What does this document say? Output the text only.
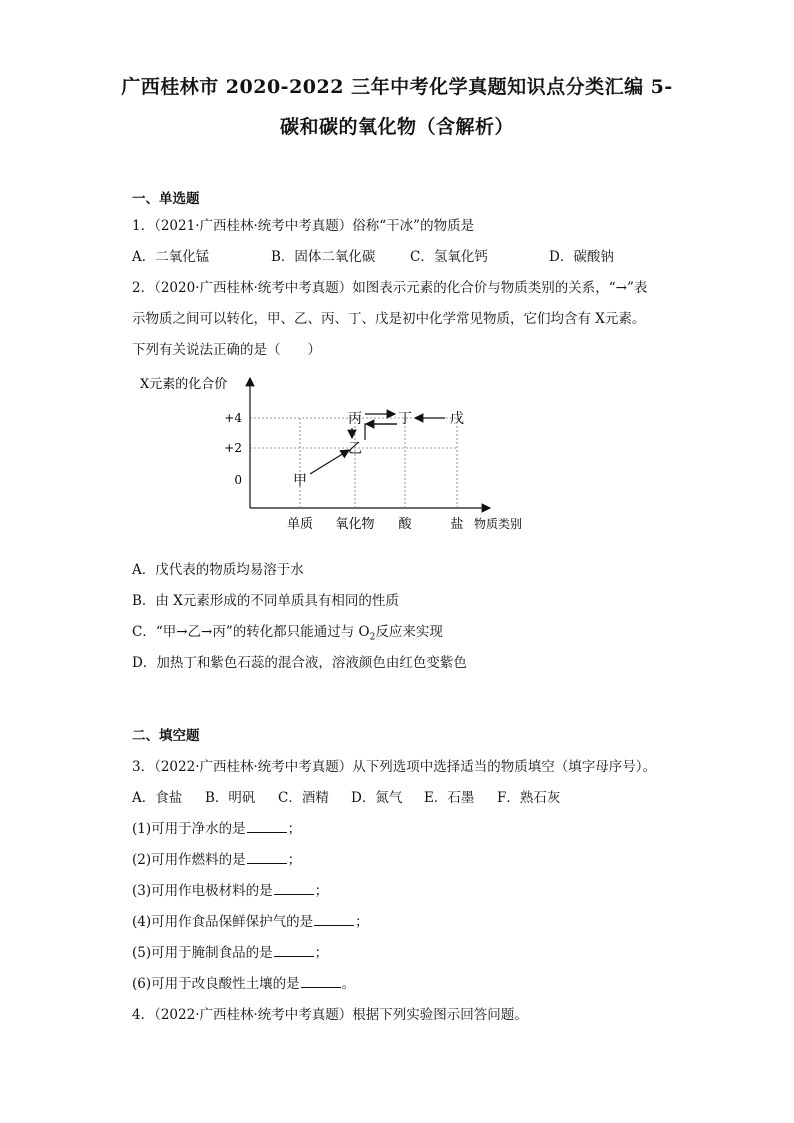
广西桂林市 2020-2022 三年中考化学真题知识点分类汇编 5-
碳和碳的氧化物（含解析）
一、单选题
1．（2021·广西桂林·统考中考真题）俗称“干冰”的物质是
A．二氧化锰	B．固体二氧化碳	C．氢氧化钙	D．碳酸钠
2．（2020·广西桂林·统考中考真题）如图表示元素的化合价与物质类别的关系，“→”表
示物质之间可以转化，甲、乙、丙、丁、戊是初中化学常见物质，它们均含有 X元素。
下列有关说法正确的是（　　）
X元素的化合价
物质类别
+4
+2
0
单质 氧化物 酸	盐
甲
乙
丙	丁	戊
A．戊代表的物质均易溶于水
B．由 X元素形成的不同单质具有相同的性质
C．“甲→乙→丙”的转化都只能通过与 $O_2$反应来实现
D．加热丁和紫色石蕊的混合液，溶液颜色由红色变紫色
二、填空题
3．（2022·广西桂林·统考中考真题）从下列选项中选择适当的物质填空（填字母序号）。
A．食盐 B．明矾 C．酒精 D．氮气 E．石墨 F．熟石灰
(1)可用于净水的是	；
(2)可用作燃料的是	；
(3)可用作电极材料的是	；
(4)可用作食品保鲜保护气的是	；
(5)可用于腌制食品的是	；
(6)可用于改良酸性土壤的是	。
4．（2022·广西桂林·统考中考真题）根据下列实验图示回答问题。
